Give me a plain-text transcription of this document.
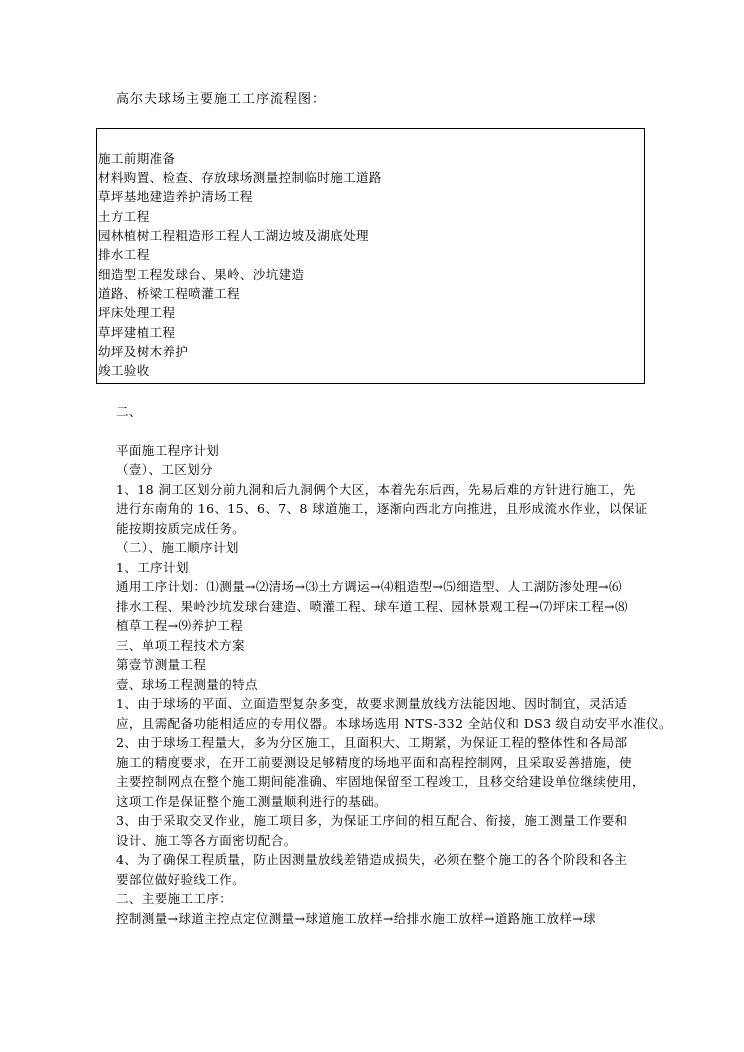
高尔夫球场主要施工工序流程图：
施工前期准备
材料购置、检查、存放球场测量控制临时施工道路
草坪基地建造养护清场工程
土方工程
园林植树工程粗造形工程人工湖边坡及湖底处理
排水工程
细造型工程发球台、果岭、沙坑建造
道路、桥梁工程喷灌工程
坪床处理工程
草坪建植工程
幼坪及树木养护
竣工验收
二、
平面施工程序计划
（壹）、工区划分
1、18 洞工区划分前九洞和后九洞俩个大区，本着先东后西，先易后难的方针进行施工，先
进行东南角的 16、15、6、7、8 球道施工，逐渐向西北方向推进，且形成流水作业，以保证
能按期按质完成任务。
（二）、施工顺序计划
1、工序计划
通用工序计划：⑴测量→⑵清场→⑶土方调运→⑷粗造型→⑸细造型、人工湖防渗处理→⑹
排水工程、果岭沙坑发球台建造、喷灌工程、球车道工程、园林景观工程→⑺坪床工程→⑻
植草工程→⑼养护工程
三、单项工程技术方案
第壹节测量工程
壹、球场工程测量的特点
1、由于球场的平面、立面造型复杂多变，故要求测量放线方法能因地、因时制宜，灵活适
应，且需配备功能相适应的专用仪器。本球场选用 NTS-332 全站仪和 DS3 级自动安平水准仪。
2、由于球场工程量大，多为分区施工，且面积大、工期紧，为保证工程的整体性和各局部
施工的精度要求，在开工前要测设足够精度的场地平面和高程控制网，且采取妥善措施，使
主要控制网点在整个施工期间能准确、牢固地保留至工程竣工，且移交给建设单位继续使用，
这项工作是保证整个施工测量顺利进行的基础。
3、由于采取交叉作业，施工项目多，为保证工序间的相互配合、衔接，施工测量工作要和
设计、施工等各方面密切配合。
4、为了确保工程质量，防止因测量放线差错造成损失，必须在整个施工的各个阶段和各主
要部位做好验线工作。
二、主要施工工序：
控制测量→球道主控点定位测量→球道施工放样→给排水施工放样→道路施工放样→球
